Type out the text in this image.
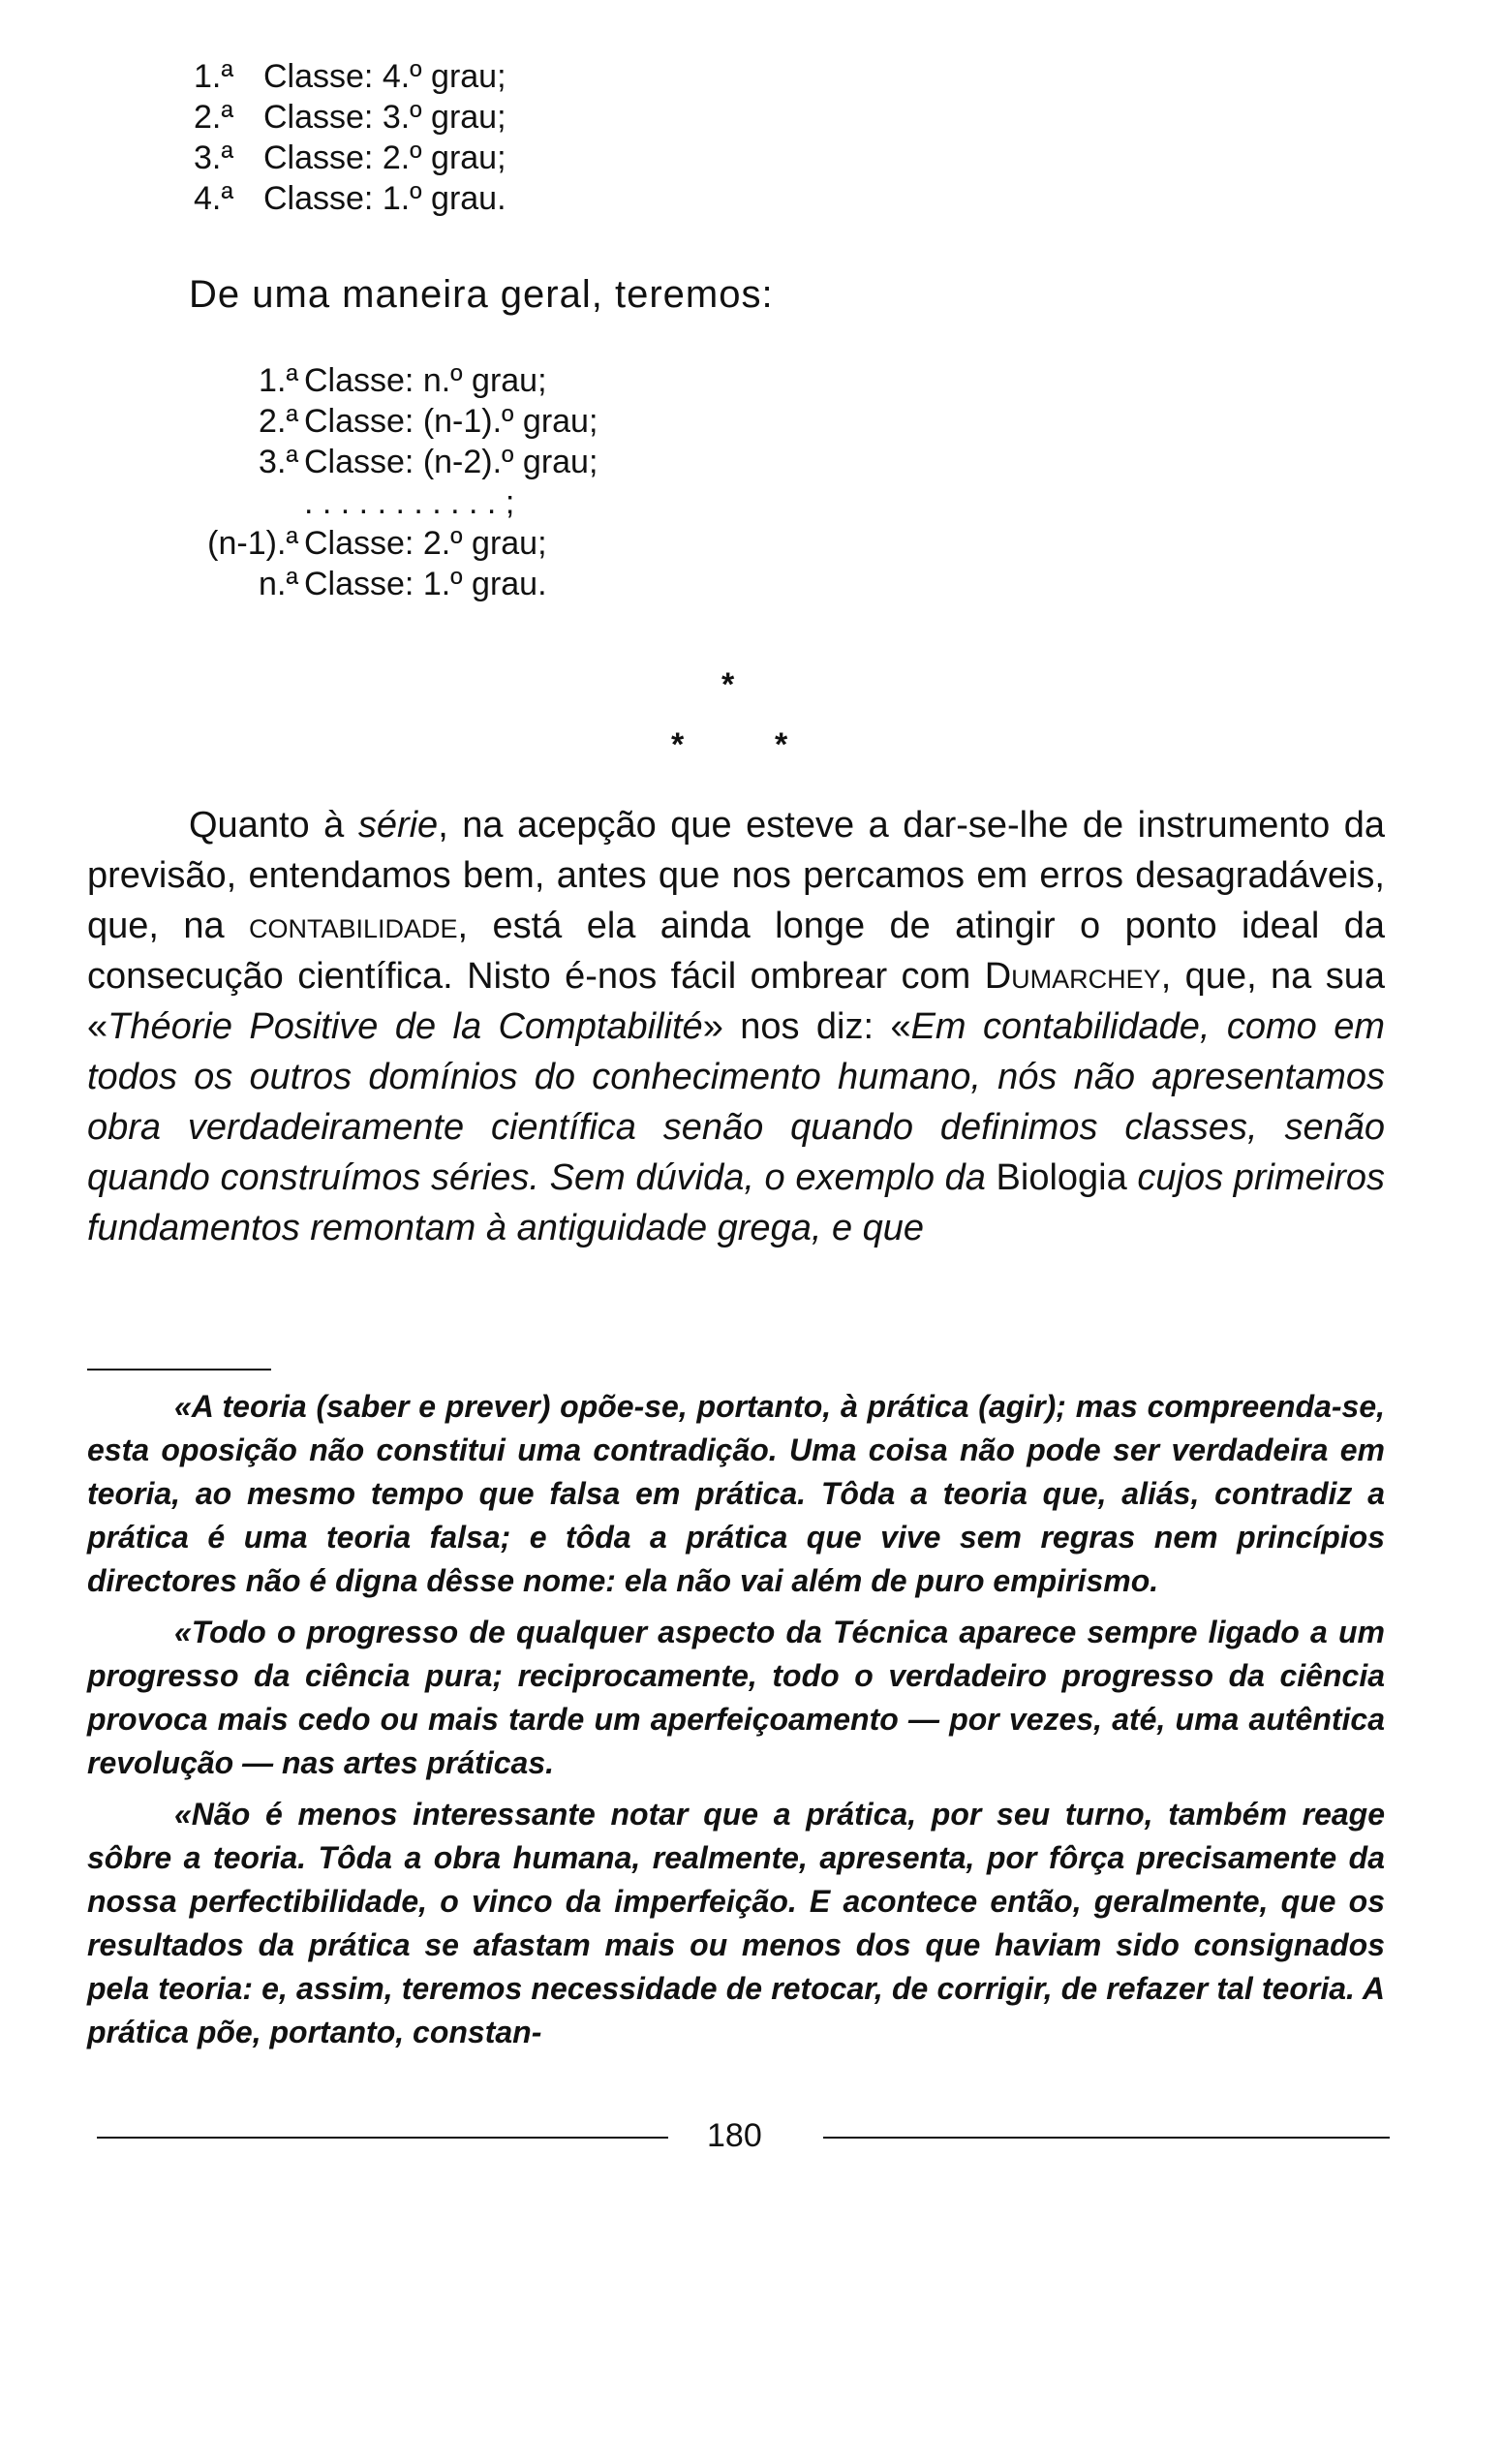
1.ª Classe: 4.º grau;
2.ª Classe: 3.º grau;
3.ª Classe: 2.º grau;
4.ª Classe: 1.º grau.
De uma maneira geral, teremos:
1.ª Classe: n.º grau;
2.ª Classe: (n-1).º grau;
3.ª Classe: (n-2).º grau;
. . . . . . . . . . . ;
(n-1).ª Classe: 2.º grau;
n.ª Classe: 1.º grau.
*
*	*
Quanto à série, na acepção que esteve a dar-se-lhe de instrumento da previsão, entendamos bem, antes que nos percamos em erros desagradáveis, que, na contabilidade, está ela ainda longe de atingir o ponto ideal da consecução científica. Nisto é-nos fácil ombrear com Dumarchey, que, na sua «Théorie Positive de la Comptabilité» nos diz: «Em contabilidade, como em todos os outros domínios do conhecimento humano, nós não apresentamos obra verdadeiramente científica senão quando definimos classes, senão quando construímos séries. Sem dúvida, o exemplo da Biologia cujos primeiros fundamentos remontam à antiguidade grega, e que

«A teoria (saber e prever) opõe-se, portanto, à prática (agir); mas compreenda-se, esta oposição não constitui uma contradição. Uma coisa não pode ser verdadeira em teoria, ao mesmo tempo que falsa em prática. Tôda a teoria que, aliás, contradiz a prática é uma teoria falsa; e tôda a prática que vive sem regras nem princípios directores não é digna dêsse nome: ela não vai além de puro empirismo.

«Todo o progresso de qualquer aspecto da Técnica aparece sempre ligado a um progresso da ciência pura; reciprocamente, todo o verdadeiro progresso da ciência provoca mais cedo ou mais tarde um aperfeiçoamento — por vezes, até, uma autêntica revolução — nas artes práticas.

«Não é menos interessante notar que a prática, por seu turno, também reage sôbre a teoria. Tôda a obra humana, realmente, apresenta, por fôrça precisamente da nossa perfectibilidade, o vinco da imperfeição. E acontece então, geralmente, que os resultados da prática se afastam mais ou menos dos que haviam sido consignados pela teoria: e, assim, teremos necessidade de retocar, de corrigir, de refazer tal teoria. A prática põe, portanto, constan-

180
